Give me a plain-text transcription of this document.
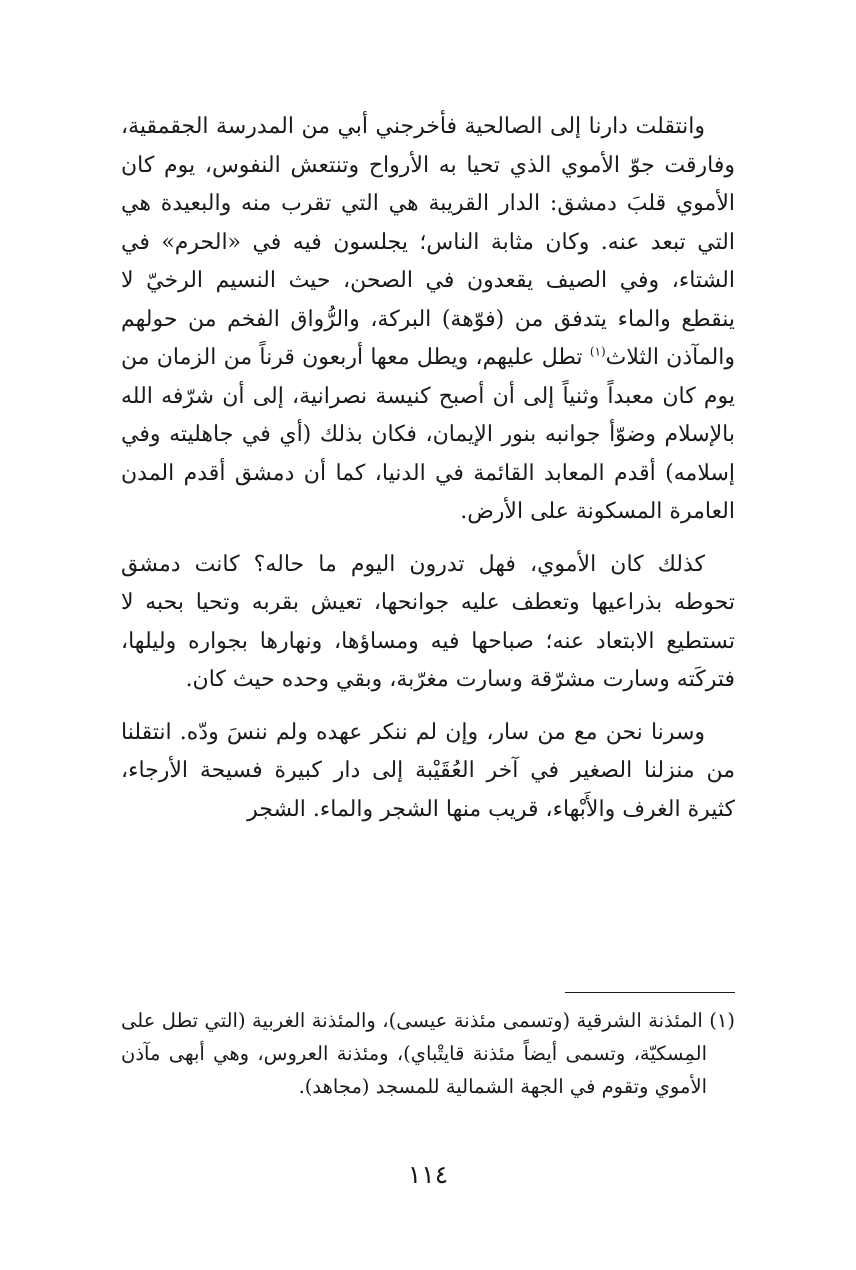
وانتقلت دارنا إلى الصالحية فأخرجني أبي من المدرسة الجقمقية، وفارقت جوّ الأموي الذي تحيا به الأرواح وتنتعش النفوس، يوم كان الأموي قلبَ دمشق: الدار القريبة هي التي تقرب منه والبعيدة هي التي تبعد عنه. وكان مثابة الناس؛ يجلسون فيه في «الحرم» في الشتاء، وفي الصيف يقعدون في الصحن، حيث النسيم الرخيّ لا ينقطع والماء يتدفق من (فوّهة) البركة، والرُّواق الفخم من حولهم والمآذن الثلاث$^{(١)}$ تطل عليهم، ويطل معها أربعون قرناً من الزمان من يوم كان معبداً وثنياً إلى أن أصبح كنيسة نصرانية، إلى أن شرّفه الله بالإسلام وضوّأ جوانبه بنور الإيمان، فكان بذلك (أي في جاهليته وفي إسلامه) أقدم المعابد القائمة في الدنيا، كما أن دمشق أقدم المدن العامرة المسكونة على الأرض.

كذلك كان الأموي، فهل تدرون اليوم ما حاله؟ كانت دمشق تحوطه بذراعيها وتعطف عليه جوانحها، تعيش بقربه وتحيا بحبه لا تستطيع الابتعاد عنه؛ صباحها فيه ومساؤها، ونهارها بجواره وليلها، فتركَته وسارت مشرّقة وسارت مغرّبة، وبقي وحده حيث كان.

وسرنا نحن مع من سار، وإن لم ننكر عهده ولم ننسَ ودّه. انتقلنا من منزلنا الصغير في آخر العُقَيْبة إلى دار كبيرة فسيحة الأرجاء، كثيرة الغرف والأَبْهاء، قريب منها الشجر والماء. الشجر

(١) المئذنة الشرقية (وتسمى مئذنة عيسى)، والمئذنة الغربية (التي تطل على المِسكيّة، وتسمى أيضاً مئذنة قايتْباي)، ومئذنة العروس، وهي أبهى مآذن الأموي وتقوم في الجهة الشمالية للمسجد (مجاهد).

١١٤
